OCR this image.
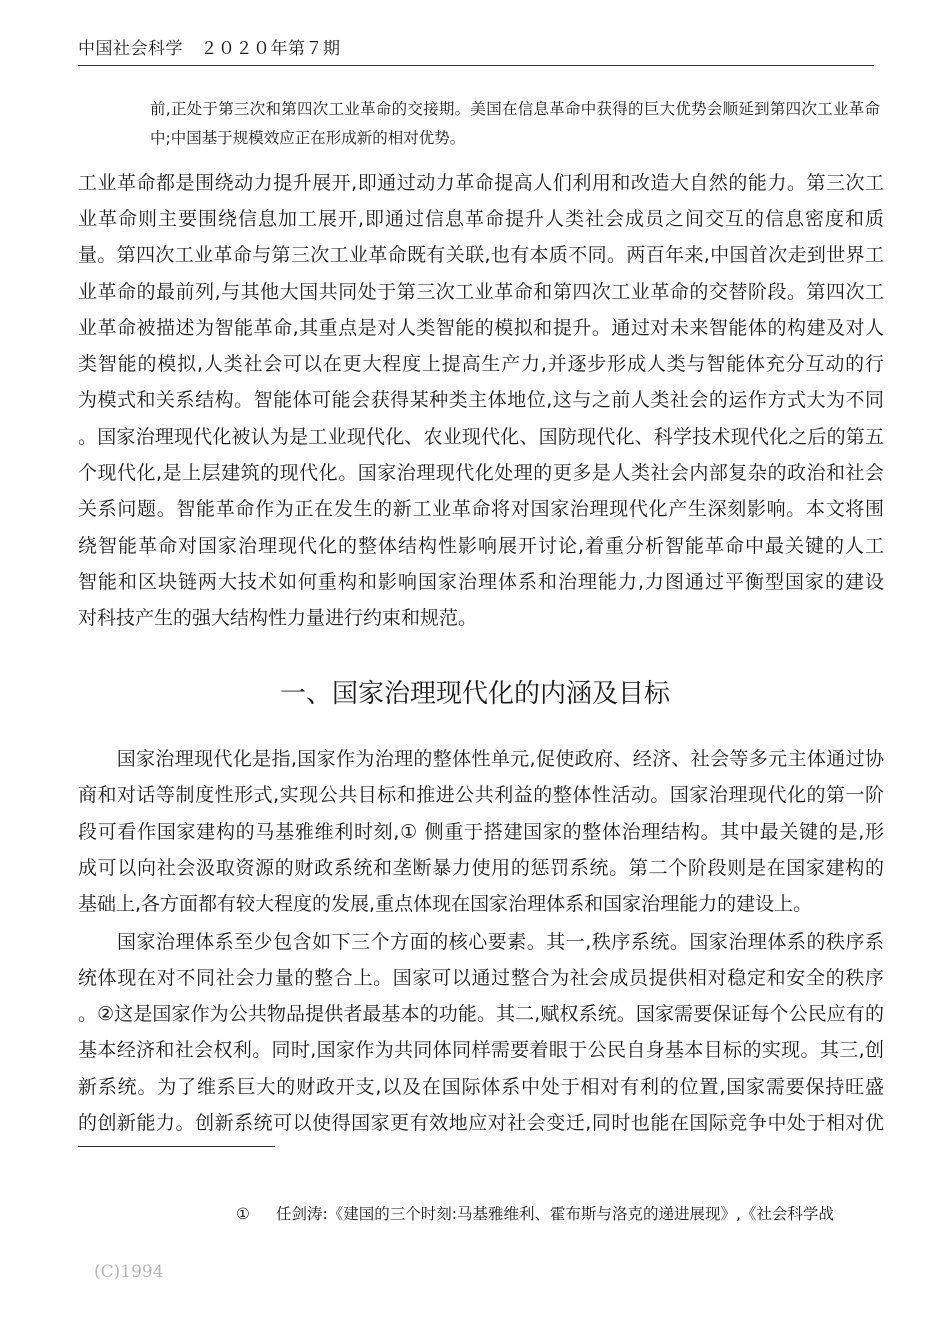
中国社会科学　２０２０年第７期
前,正处于第三次和第四次工业革命的交接期。美国在信息革命中获得的巨大优势会顺延到第四次工业革命中;中国基于规模效应正在形成新的相对优势。
工业革命都是围绕动力提升展开,即通过动力革命提高人们利用和改造大自然的能力。第三次工
业革命则主要围绕信息加工展开,即通过信息革命提升人类社会成员之间交互的信息密度和质
量。第四次工业革命与第三次工业革命既有关联,也有本质不同。两百年来,中国首次走到世界工
业革命的最前列,与其他大国共同处于第三次工业革命和第四次工业革命的交替阶段。第四次工
业革命被描述为智能革命,其重点是对人类智能的模拟和提升。通过对未来智能体的构建及对人
类智能的模拟,人类社会可以在更大程度上提高生产力,并逐步形成人类与智能体充分互动的行
为模式和关系结构。智能体可能会获得某种类主体地位,这与之前人类社会的运作方式大为不同
。国家治理现代化被认为是工业现代化、农业现代化、国防现代化、科学技术现代化之后的第五
个现代化,是上层建筑的现代化。国家治理现代化处理的更多是人类社会内部复杂的政治和社会
关系问题。智能革命作为正在发生的新工业革命将对国家治理现代化产生深刻影响。本文将围
绕智能革命对国家治理现代化的整体结构性影响展开讨论,着重分析智能革命中最关键的人工
智能和区块链两大技术如何重构和影响国家治理体系和治理能力,力图通过平衡型国家的建设
对科技产生的强大结构性力量进行约束和规范。
一、国家治理现代化的内涵及目标
　　国家治理现代化是指,国家作为治理的整体性单元,促使政府、经济、社会等多元主体通过协
商和对话等制度性形式,实现公共目标和推进公共利益的整体性活动。国家治理现代化的第一阶
段可看作国家建构的马基雅维利时刻,① 侧重于搭建国家的整体治理结构。其中最关键的是,形
成可以向社会汲取资源的财政系统和垄断暴力使用的惩罚系统。第二个阶段则是在国家建构的
基础上,各方面都有较大程度的发展,重点体现在国家治理体系和国家治理能力的建设上。
　　国家治理体系至少包含如下三个方面的核心要素。其一,秩序系统。国家治理体系的秩序系
统体现在对不同社会力量的整合上。国家可以通过整合为社会成员提供相对稳定和安全的秩序
。②这是国家作为公共物品提供者最基本的功能。其二,赋权系统。国家需要保证每个公民应有的
基本经济和社会权利。同时,国家作为共同体同样需要着眼于公民自身基本目标的实现。其三,创
新系统。为了维系巨大的财政开支,以及在国际体系中处于相对有利的位置,国家需要保持旺盛
的创新能力。创新系统可以使得国家更有效地应对社会变迁,同时也能在国际竞争中处于相对优
① 任剑涛:《建国的三个时刻:马基雅维利、霍布斯与洛克的递进展现》,《社会科学战
(C)1994
